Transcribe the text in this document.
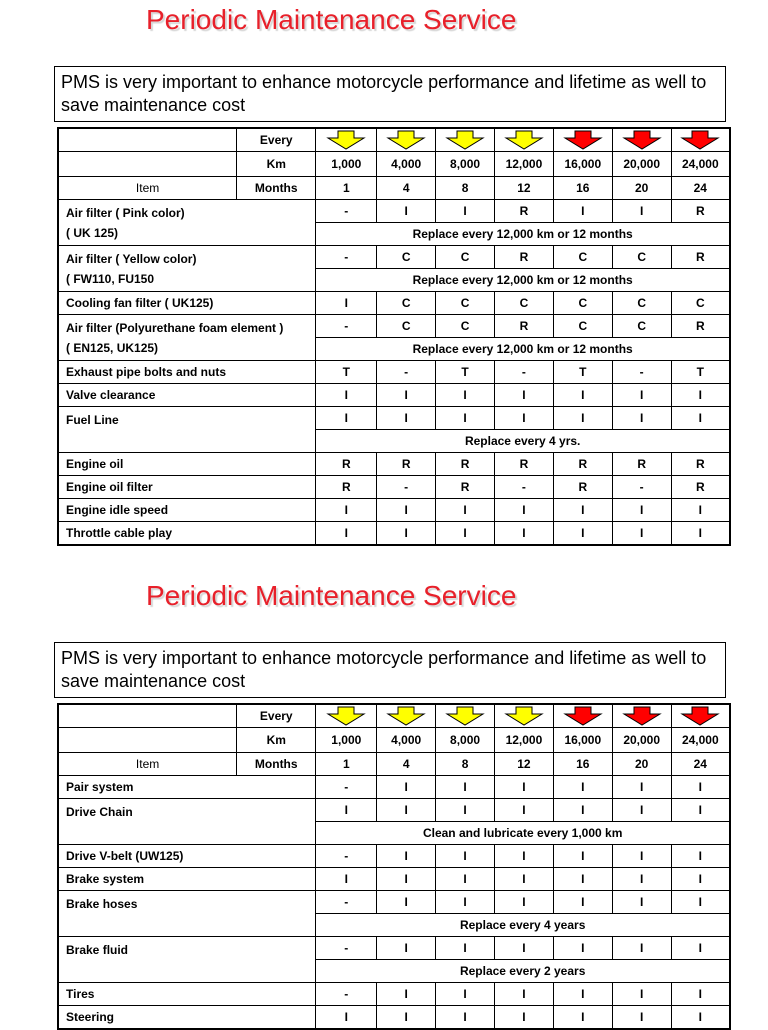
Periodic Maintenance Service
PMS is very important to enhance motorcycle performance and lifetime as well to save maintenance cost
	Every	

	Km	1,000	4,000	8,000	12,000	16,000	20,000	24,000
Item	Months	1	4	8	12	16	20	24
Air filter ( Pink color)
( UK 125)		-	I	I	R	I	I	R
		Replace every 12,000 km or 12 months						
Air filter ( Yellow color)
( FW110, FU150		-	C	C	R	C	C	R
		Replace every 12,000 km or 12 months						
Cooling fan filter ( UK125)		I	C	C	C	C	C	C
Air filter (Polyurethane foam element )
( EN125, UK125)		-	C	C	R	C	C	R
		Replace every 12,000 km or 12 months						
Exhaust pipe bolts and nuts		T	-	T	-	T	-	T
Valve clearance		I	I	I	I	I	I	I
Fuel Line		I	I	I	I	I	I	I
		Replace every 4 yrs.						
Engine oil		R	R	R	R	R	R	R
Engine oil filter		R	-	R	-	R	-	R
Engine idle speed		I	I	I	I	I	I	I
Throttle cable play		I	I	I	I	I	I	I
Periodic Maintenance Service
PMS is very important to enhance motorcycle performance and lifetime as well to save maintenance cost
	Every	

	Km	1,000	4,000	8,000	12,000	16,000	20,000	24,000
Item	Months	1	4	8	12	16	20	24
Pair system		-	I	I	I	I	I	I
Drive Chain		I	I	I	I	I	I	I
		Clean and lubricate every 1,000 km						
Drive V-belt (UW125)		-	I	I	I	I	I	I
Brake system		I	I	I	I	I	I	I
Brake hoses		-	I	I	I	I	I	I
		Replace every 4 years						
Brake fluid		-	I	I	I	I	I	I
		Replace every 2 years						
Tires		-	I	I	I	I	I	I
Steering		I	I	I	I	I	I	I
